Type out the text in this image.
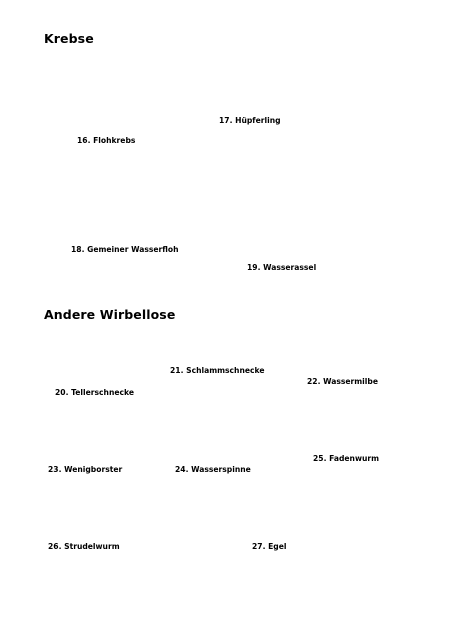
Krebse
17. Hüpferling
16. Flohkrebs
18. Gemeiner Wasserfloh
19. Wasserassel
Andere Wirbellose
21. Schlammschnecke
22. Wassermilbe
20. Tellerschnecke
25. Fadenwurm
23. Wenigborster	24. Wasserspinne
26. Strudelwurm	27. Egel
